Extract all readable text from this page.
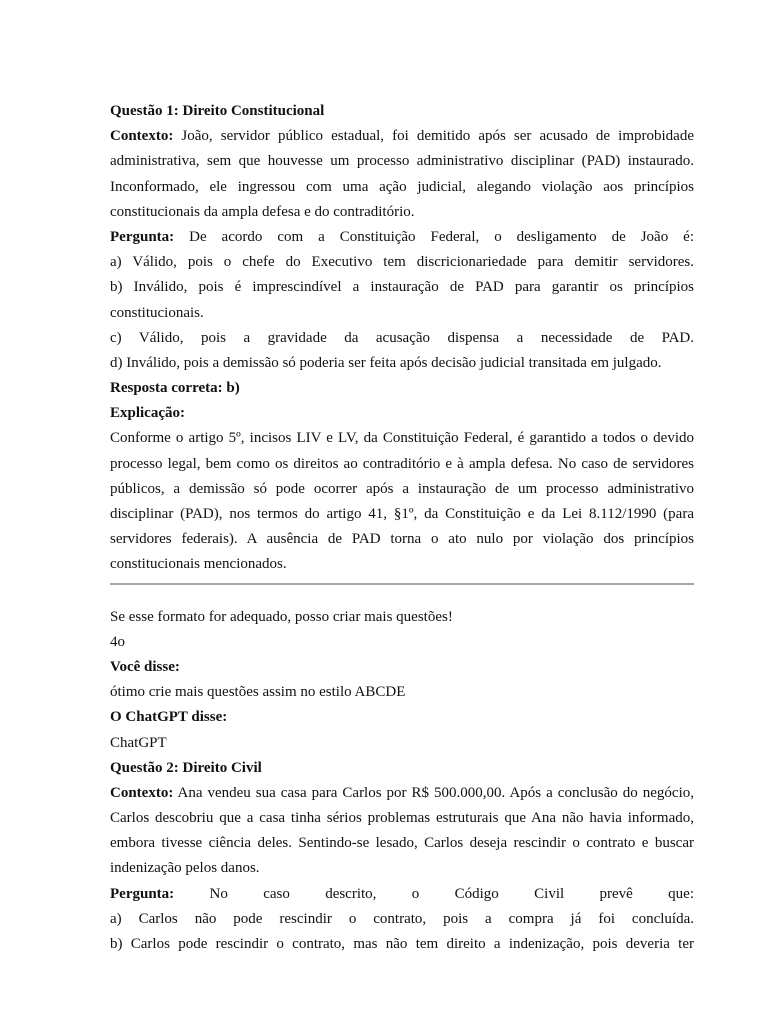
Questão 1: Direito Constitucional
Contexto: João, servidor público estadual, foi demitido após ser acusado de improbidade
administrativa, sem que houvesse um processo administrativo disciplinar (PAD) instaurado.
Inconformado, ele ingressou com uma ação judicial, alegando violação aos princípios
constitucionais da ampla defesa e do contraditório.
Pergunta: De acordo com a Constituição Federal, o desligamento de João é:
a) Válido, pois o chefe do Executivo tem discricionariedade para demitir servidores.
b) Inválido, pois é imprescindível a instauração de PAD para garantir os princípios
constitucionais.
c) Válido, pois a gravidade da acusação dispensa a necessidade de PAD.
d) Inválido, pois a demissão só poderia ser feita após decisão judicial transitada em julgado.
Resposta correta: b)
Explicação:
Conforme o artigo 5º, incisos LIV e LV, da Constituição Federal, é garantido a todos o devido
processo legal, bem como os direitos ao contraditório e à ampla defesa. No caso de servidores
públicos, a demissão só pode ocorrer após a instauração de um processo administrativo
disciplinar (PAD), nos termos do artigo 41, §1º, da Constituição e da Lei 8.112/1990 (para
servidores federais). A ausência de PAD torna o ato nulo por violação dos princípios
constitucionais mencionados.
Se esse formato for adequado, posso criar mais questões!
4o
Você disse:
ótimo crie mais questões assim no estilo ABCDE
O ChatGPT disse:
ChatGPT
Questão 2: Direito Civil
Contexto: Ana vendeu sua casa para Carlos por R$ 500.000,00. Após a conclusão do negócio,
Carlos descobriu que a casa tinha sérios problemas estruturais que Ana não havia informado,
embora tivesse ciência deles. Sentindo-se lesado, Carlos deseja rescindir o contrato e buscar
indenização pelos danos.
Pergunta: No caso descrito, o Código Civil prevê que:
a) Carlos não pode rescindir o contrato, pois a compra já foi concluída.
b) Carlos pode rescindir o contrato, mas não tem direito a indenização, pois deveria ter
